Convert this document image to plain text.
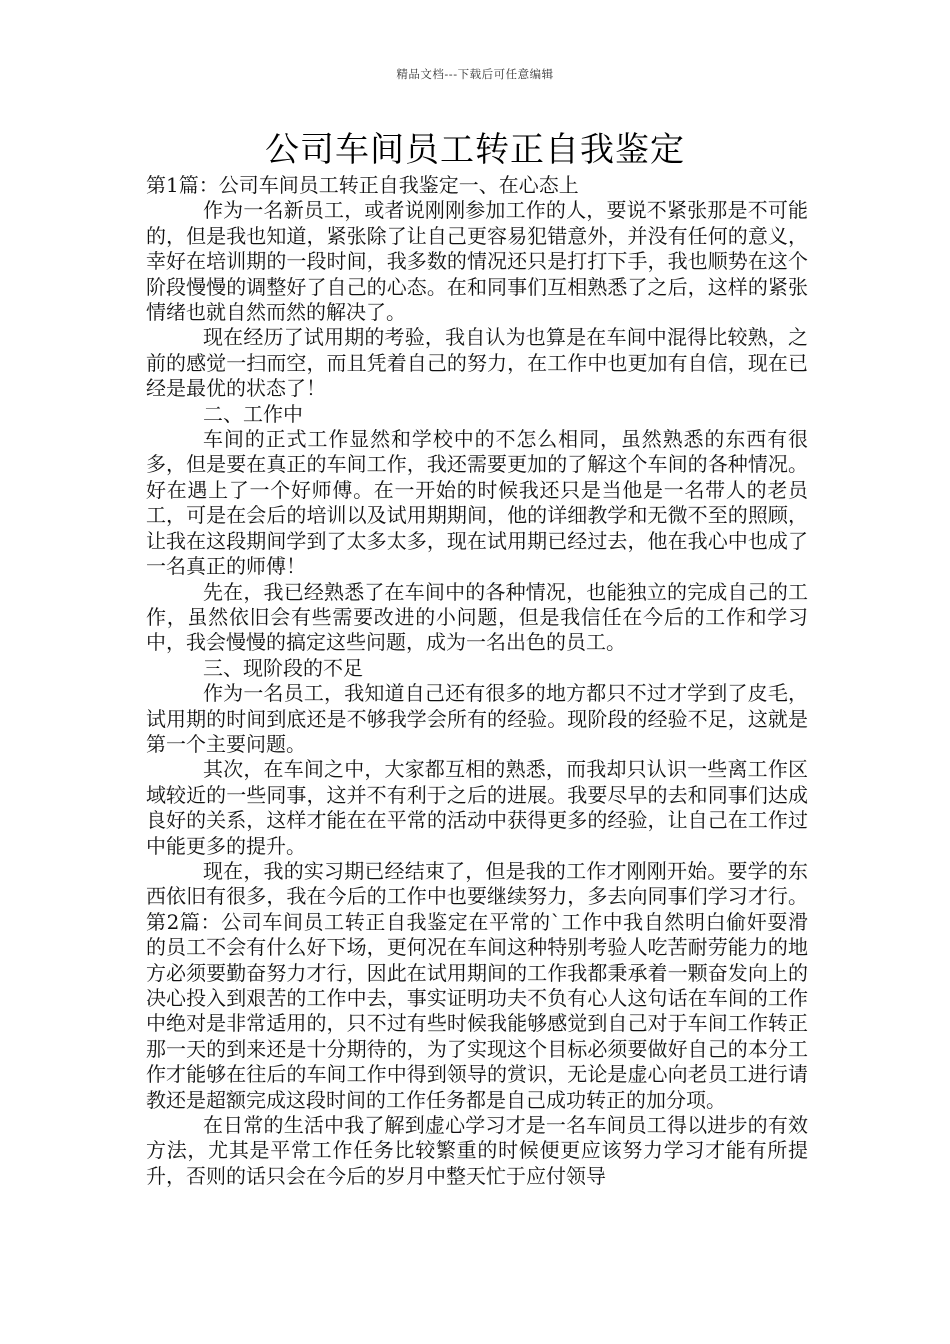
精品文档---下载后可任意编辑
公司车间员工转正自我鉴定

第1篇：公司车间员工转正自我鉴定一、在心态上

作为一名新员工，或者说刚刚参加工作的人，要说不紧张那是不可能的，但是我也知道，紧张除了让自己更容易犯错意外，并没有任何的意义，幸好在培训期的一段时间，我多数的情况还只是打打下手，我也顺势在这个阶段慢慢的调整好了自己的心态。在和同事们互相熟悉了之后，这样的紧张情绪也就自然而然的解决了。

现在经历了试用期的考验，我自认为也算是在车间中混得比较熟，之前的感觉一扫而空，而且凭着自己的努力，在工作中也更加有自信，现在已经是最优的状态了！

二、工作中

车间的正式工作显然和学校中的不怎么相同，虽然熟悉的东西有很多，但是要在真正的车间工作，我还需要更加的了解这个车间的各种情况。好在遇上了一个好师傅。在一开始的时候我还只是当他是一名带人的老员工，可是在会后的培训以及试用期期间，他的详细教学和无微不至的照顾，让我在这段期间学到了太多太多，现在试用期已经过去，他在我心中也成了一名真正的师傅！

先在，我已经熟悉了在车间中的各种情况，也能独立的完成自己的工作，虽然依旧会有些需要改进的小问题，但是我信任在今后的工作和学习中，我会慢慢的搞定这些问题，成为一名出色的员工。

三、现阶段的不足

作为一名员工，我知道自己还有很多的地方都只不过才学到了皮毛，试用期的时间到底还是不够我学会所有的经验。现阶段的经验不足，这就是第一个主要问题。

其次，在车间之中，大家都互相的熟悉，而我却只认识一些离工作区域较近的一些同事，这并不有利于之后的进展。我要尽早的去和同事们达成良好的关系，这样才能在在平常的活动中获得更多的经验，让自己在工作过中能更多的提升。

现在，我的实习期已经结束了，但是我的工作才刚刚开始。要学的东西依旧有很多，我在今后的工作中也要继续努力，多去向同事们学习才行。第2篇：公司车间员工转正自我鉴定在平常的`工作中我自然明白偷奸耍滑的员工不会有什么好下场，更何况在车间这种特别考验人吃苦耐劳能力的地方必须要勤奋努力才行，因此在试用期间的工作我都秉承着一颗奋发向上的决心投入到艰苦的工作中去，事实证明功夫不负有心人这句话在车间的工作中绝对是非常适用的，只不过有些时候我能够感觉到自己对于车间工作转正那一天的到来还是十分期待的，为了实现这个目标必须要做好自己的本分工作才能够在往后的车间工作中得到领导的赏识，无论是虚心向老员工进行请教还是超额完成这段时间的工作任务都是自己成功转正的加分项。

在日常的生活中我了解到虚心学习才是一名车间员工得以进步的有效方法，尤其是平常工作任务比较繁重的时候便更应该努力学习才能有所提升，否则的话只会在今后的岁月中整天忙于应付领导
